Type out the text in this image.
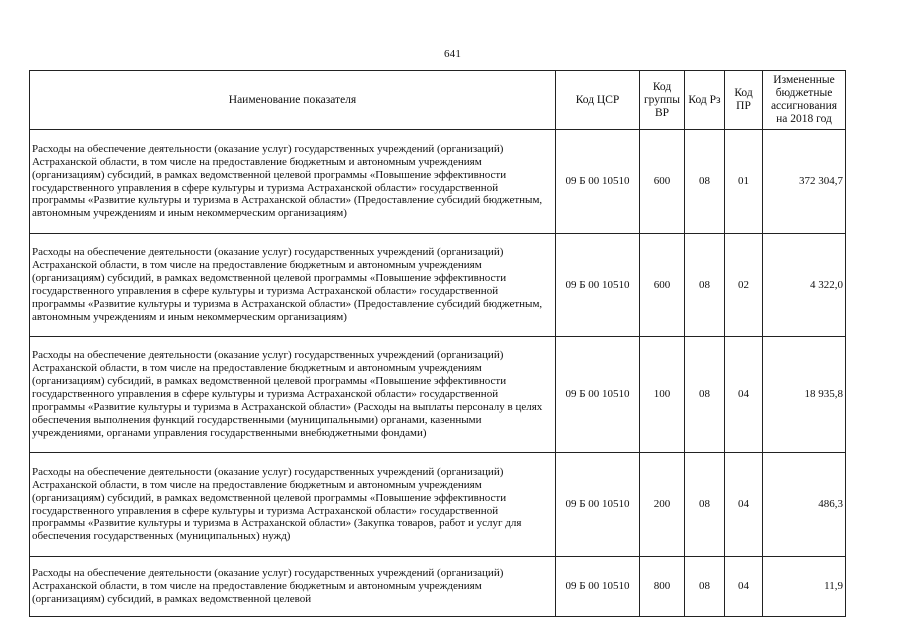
641
Наименование показателя	Код ЦСР	Код группы ВР	Код Рз	Код ПР	Измененные бюджетные ассигнования на 2018 год
Расходы на обеспечение деятельности (оказание услуг) государственных учреждений (организаций) Астраханской области, в том числе на предоставление бюджетным и автономным учреждениям (организациям) субсидий, в рамках ведомственной целевой программы «Повышение эффективности государственного управления в сфере культуры и туризма Астраханской области» государственной программы «Развитие культуры и туризма в Астраханской области» (Предоставление субсидий бюджетным, автономным учреждениям и иным некоммерческим организациям)	09 Б 00 10510	600	08	01	372 304,7
Расходы на обеспечение деятельности (оказание услуг) государственных учреждений (организаций) Астраханской области, в том числе на предоставление бюджетным и автономным учреждениям (организациям) субсидий, в рамках ведомственной целевой программы «Повышение эффективности государственного управления в сфере культуры и туризма Астраханской области» государственной программы «Развитие культуры и туризма в Астраханской области» (Предоставление субсидий бюджетным, автономным учреждениям и иным некоммерческим организациям)	09 Б 00 10510	600	08	02	4 322,0
Расходы на обеспечение деятельности (оказание услуг) государственных учреждений (организаций) Астраханской области, в том числе на предоставление бюджетным и автономным учреждениям (организациям) субсидий, в рамках ведомственной целевой программы «Повышение эффективности государственного управления в сфере культуры и туризма Астраханской области» государственной программы «Развитие культуры и туризма в Астраханской области» (Расходы на выплаты персоналу в целях обеспечения выполнения функций государственными (муниципальными) органами, казенными учреждениями, органами управления государственными внебюджетными фондами)	09 Б 00 10510	100	08	04	18 935,8
Расходы на обеспечение деятельности (оказание услуг) государственных учреждений (организаций) Астраханской области, в том числе на предоставление бюджетным и автономным учреждениям (организациям) субсидий, в рамках ведомственной целевой программы «Повышение эффективности государственного управления в сфере культуры и туризма Астраханской области» государственной программы «Развитие культуры и туризма в Астраханской области» (Закупка товаров, работ и услуг для обеспечения государственных (муниципальных) нужд)	09 Б 00 10510	200	08	04	486,3
Расходы на обеспечение деятельности (оказание услуг) государственных учреждений (организаций) Астраханской области, в том числе на предоставление бюджетным и автономным учреждениям (организациям) субсидий, в рамках ведомственной целевой	09 Б 00 10510	800	08	04	11,9
